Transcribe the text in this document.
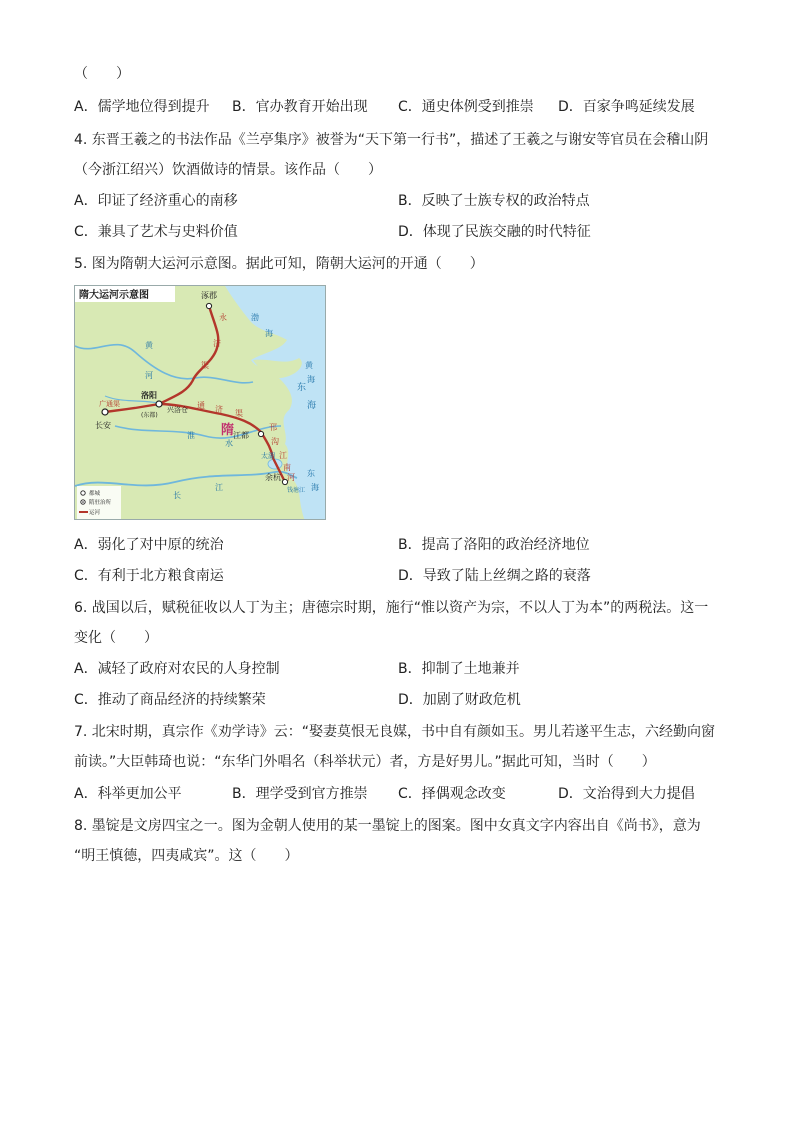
（　　）
A．儒学地位得到提升 B．官办教育开始出现 C．通史体例受到推崇 D．百家争鸣延续发展
4. 东晋王羲之的书法作品《兰亭集序》被誉为“天下第一行书”，描述了王羲之与谢安等官员在会稽山阴
（今浙江绍兴）饮酒做诗的情景。该作品（　　）
A．印证了经济重心的南移	B．反映了士族专权的政治特点
C．兼具了艺术与史料价值	D．体现了民族交融的时代特征
5. 图为隋朝大运河示意图。据此可知，隋朝大运河的开通（　　）
隋大运河示意图	涿郡
洛阳
(东都)
兴洛仓
长安
江都
余杭
太湖
钱塘江
永
济
渠
通 济 渠
邗
沟
江
南
河
广通渠
隋
渤
海
黄
海
东
海
东
海
黄
河
淮
水
长
江
都城
隋驻治所
运河
A．弱化了对中原的统治	B．提高了洛阳的政治经济地位
C．有利于北方粮食南运	D．导致了陆上丝绸之路的衰落
6. 战国以后，赋税征收以人丁为主；唐德宗时期，施行“惟以资产为宗，不以人丁为本”的两税法。这一
变化（　　）
A．减轻了政府对农民的人身控制	B．抑制了土地兼并
C．推动了商品经济的持续繁荣	D．加剧了财政危机
7. 北宋时期，真宗作《劝学诗》云：“娶妻莫恨无良媒，书中自有颜如玉。男儿若遂平生志，六经勤向窗
前读。”大臣韩琦也说：“东华门外唱名（科举状元）者，方是好男儿。”据此可知，当时（　　）
A．科举更加公平	B．理学受到官方推崇 C．择偶观念改变	D．文治得到大力提倡
8. 墨锭是文房四宝之一。图为金朝人使用的某一墨锭上的图案。图中女真文字内容出自《尚书》，意为
“明王慎德，四夷咸宾”。这（　　）
